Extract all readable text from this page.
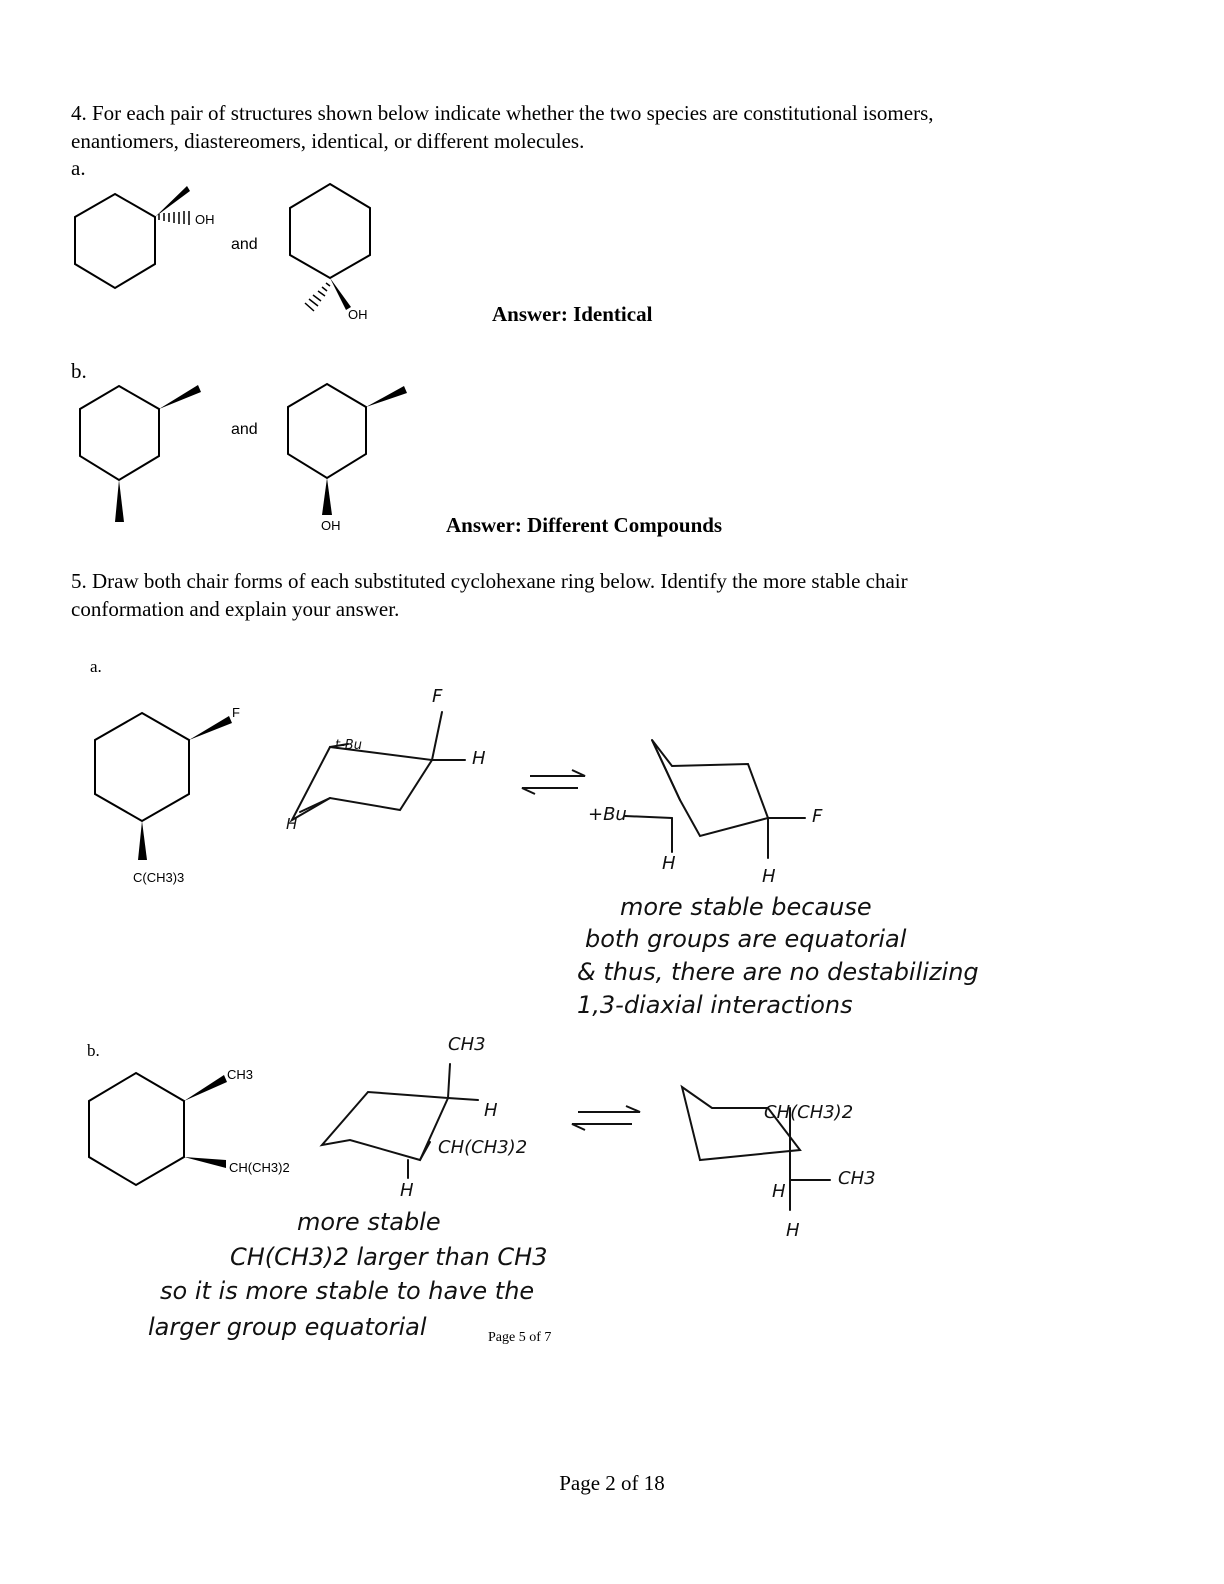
4. For each pair of structures shown below indicate whether the two species are constitutional isomers,
enantiomers, diastereomers, identical, or different molecules.
a.
OH
and
OH	Answer: Identical
b.
and
OH	Answer: Different Compounds
5. Draw both chair forms of each substituted cyclohexane ring below. Identify the more stable chair
conformation and explain your answer.
a.
F
C(CH3)3
F
H
t-Bu
H	+Bu	F
H
H
more stable because
both groups are equatorial
& thus, there are no destabilizing
1,3-diaxial interactions
b.
CH3
CH(CH3)2
CH3
H
CH(CH3)2
H
CH(CH3)2
CH3
H
H
more stable
CH(CH3)2 larger than CH3
so it is more stable to have the
larger group equatorial	Page 5 of 7
Page 2 of 18
